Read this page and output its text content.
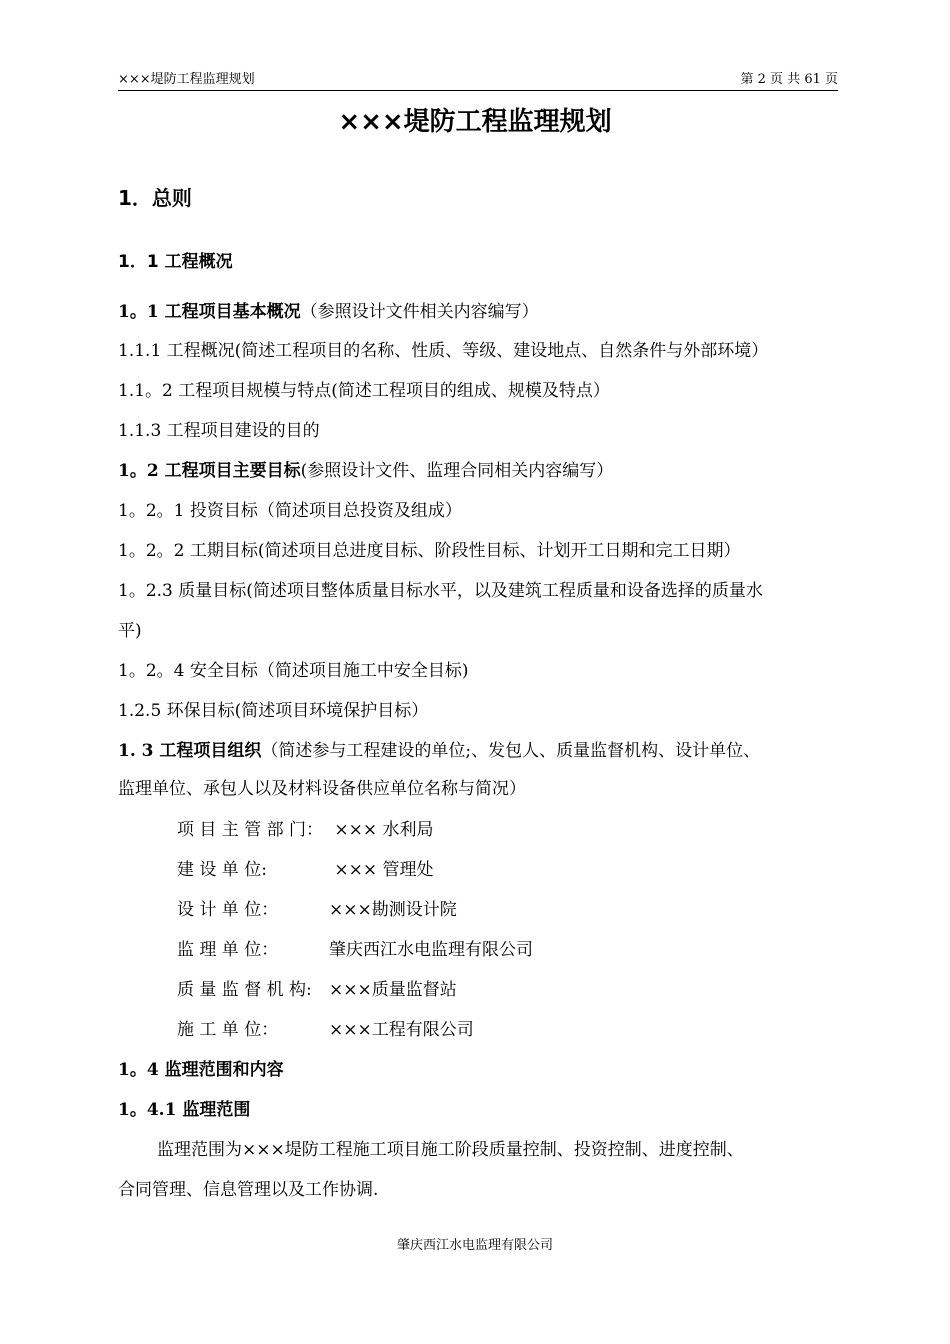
×××堤防工程监理规划	第 2 页 共 61 页
×××堤防工程监理规划
1．总则
1．1 工程概况
1。1 工程项目基本概况（参照设计文件相关内容编写）
1.1.1 工程概况(简述工程项目的名称、性质、等级、建设地点、自然条件与外部环境）
1.1。2 工程项目规模与特点(简述工程项目的组成、规模及特点）
1.1.3 工程项目建设的目的
1。2 工程项目主要目标(参照设计文件、监理合同相关内容编写）
1。2。1 投资目标（简述项目总投资及组成）
1。2。2 工期目标(简述项目总进度目标、阶段性目标、计划开工日期和完工日期）
1。2.3 质量目标(简述项目整体质量目标水平，以及建筑工程质量和设备选择的质量水
平)
1。2。4 安全目标（简述项目施工中安全目标)
1.2.5 环保目标(简述项目环境保护目标）
1. 3 工程项目组织（简述参与工程建设的单位;、发包人、质量监督机构、设计单位、
监理单位、承包人以及材料设备供应单位名称与简况）
项 目 主 管 部 门： ××× 水利局
建 设 单 位:	××× 管理处
设 计 单 位：	×××勘测设计院
监 理 单 位：	肇庆西江水电监理有限公司
质 量 监 督 机 构: ×××质量监督站
施 工 单 位：	×××工程有限公司
1。4 监理范围和内容
1。4.1 监理范围
监理范围为×××堤防工程施工项目施工阶段质量控制、投资控制、进度控制、
合同管理、信息管理以及工作协调.
肇庆西江水电监理有限公司
